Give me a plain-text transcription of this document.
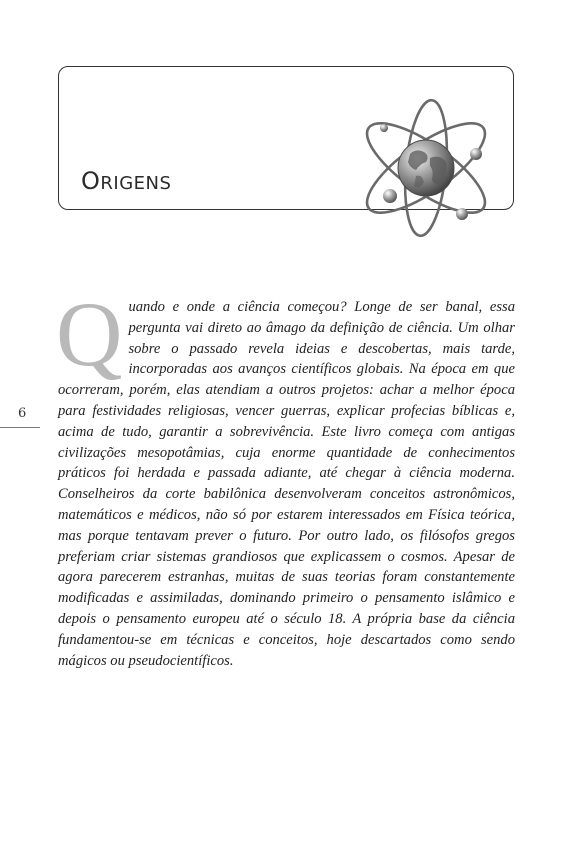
ORIGENS
6
Q uando e onde a ciência começou? Longe de ser banal, essa pergunta vai direto ao âmago da definição de ciência. Um olhar sobre o passado revela ideias e descobertas, mais tarde, incorporadas aos avanços científicos globais. Na época em que ocorreram, porém, elas atendiam a outros projetos: achar a melhor época para festividades religiosas, vencer guerras, explicar profecias bíblicas e, acima de tudo, garantir a sobrevivência. Este livro começa com antigas civilizações mesopotâmias, cuja enorme quantidade de conhecimentos práticos foi herdada e passada adiante, até chegar à ciência moderna. Conselheiros da corte babilônica desenvolveram conceitos astronômicos, matemáticos e médicos, não só por estarem interessados em Física teórica, mas porque tentavam prever o futuro. Por outro lado, os filósofos gregos preferiam criar sistemas grandiosos que explicassem o cosmos. Apesar de agora parecerem estranhas, muitas de suas teorias foram constantemente modificadas e assimiladas, dominando primeiro o pensamento islâmico e depois o pensamento europeu até o século 18. A própria base da ciência fundamentou-se em técnicas e conceitos, hoje descartados como sendo mágicos ou pseudocientíficos.
